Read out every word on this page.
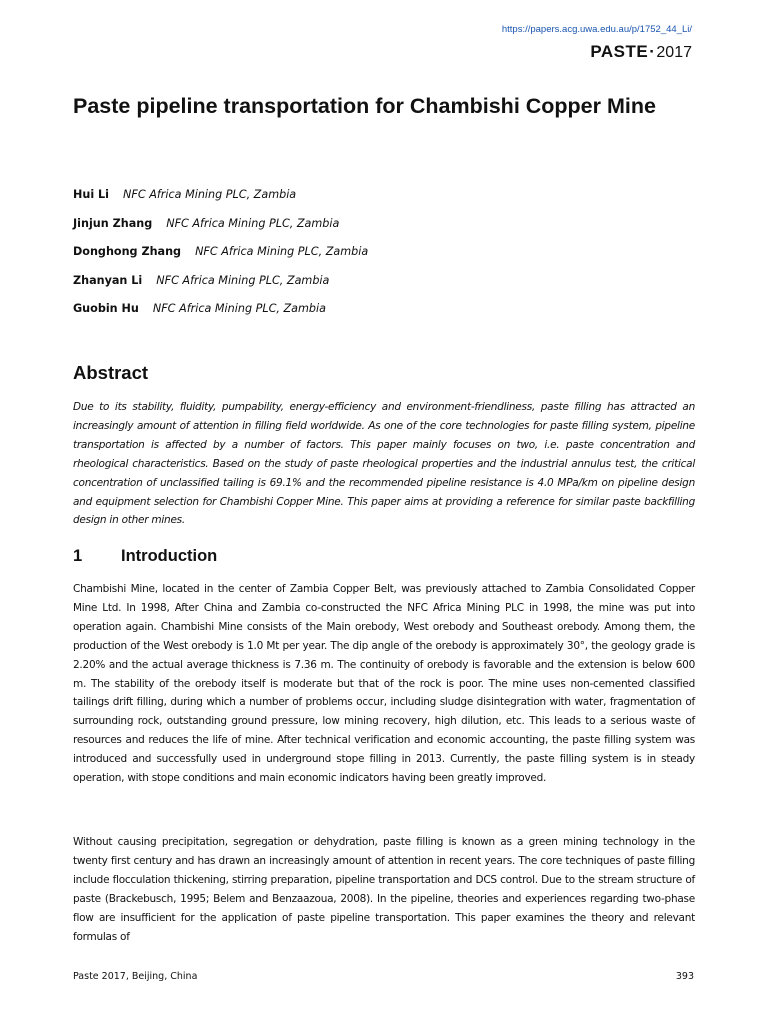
https://papers.acg.uwa.edu.au/p/1752_44_Li/
PASTE·2017
Paste pipeline transportation for Chambishi Copper Mine
Hui Li NFC Africa Mining PLC, Zambia
Jinjun Zhang NFC Africa Mining PLC, Zambia
Donghong Zhang NFC Africa Mining PLC, Zambia
Zhanyan Li NFC Africa Mining PLC, Zambia
Guobin Hu NFC Africa Mining PLC, Zambia
Abstract

Due to its stability, fluidity, pumpability, energy-efficiency and environment-friendliness, paste filling has attracted an increasingly amount of attention in filling field worldwide. As one of the core technologies for paste filling system, pipeline transportation is affected by a number of factors. This paper mainly focuses on two, i.e. paste concentration and rheological characteristics. Based on the study of paste rheological properties and the industrial annulus test, the critical concentration of unclassified tailing is 69.1% and the recommended pipeline resistance is 4.0 MPa/km on pipeline design and equipment selection for Chambishi Copper Mine. This paper aims at providing a reference for similar paste backfilling design in other mines.

1 Introduction

Chambishi Mine, located in the center of Zambia Copper Belt, was previously attached to Zambia Consolidated Copper Mine Ltd. In 1998, After China and Zambia co-constructed the NFC Africa Mining PLC in 1998, the mine was put into operation again. Chambishi Mine consists of the Main orebody, West orebody and Southeast orebody. Among them, the production of the West orebody is 1.0 Mt per year. The dip angle of the orebody is approximately 30°, the geology grade is 2.20% and the actual average thickness is 7.36 m. The continuity of orebody is favorable and the extension is below 600 m. The stability of the orebody itself is moderate but that of the rock is poor. The mine uses non-cemented classified tailings drift filling, during which a number of problems occur, including sludge disintegration with water, fragmentation of surrounding rock, outstanding ground pressure, low mining recovery, high dilution, etc. This leads to a serious waste of resources and reduces the life of mine. After technical verification and economic accounting, the paste filling system was introduced and successfully used in underground stope filling in 2013. Currently, the paste filling system is in steady operation, with stope conditions and main economic indicators having been greatly improved.

Without causing precipitation, segregation or dehydration, paste filling is known as a green mining technology in the twenty first century and has drawn an increasingly amount of attention in recent years. The core techniques of paste filling include flocculation thickening, stirring preparation, pipeline transportation and DCS control. Due to the stream structure of paste (Brackebusch, 1995; Belem and Benzaazoua, 2008). In the pipeline, theories and experiences regarding two-phase flow are insufficient for the application of paste pipeline transportation. This paper examines the theory and relevant formulas of

Paste 2017, Beijing, China	393
